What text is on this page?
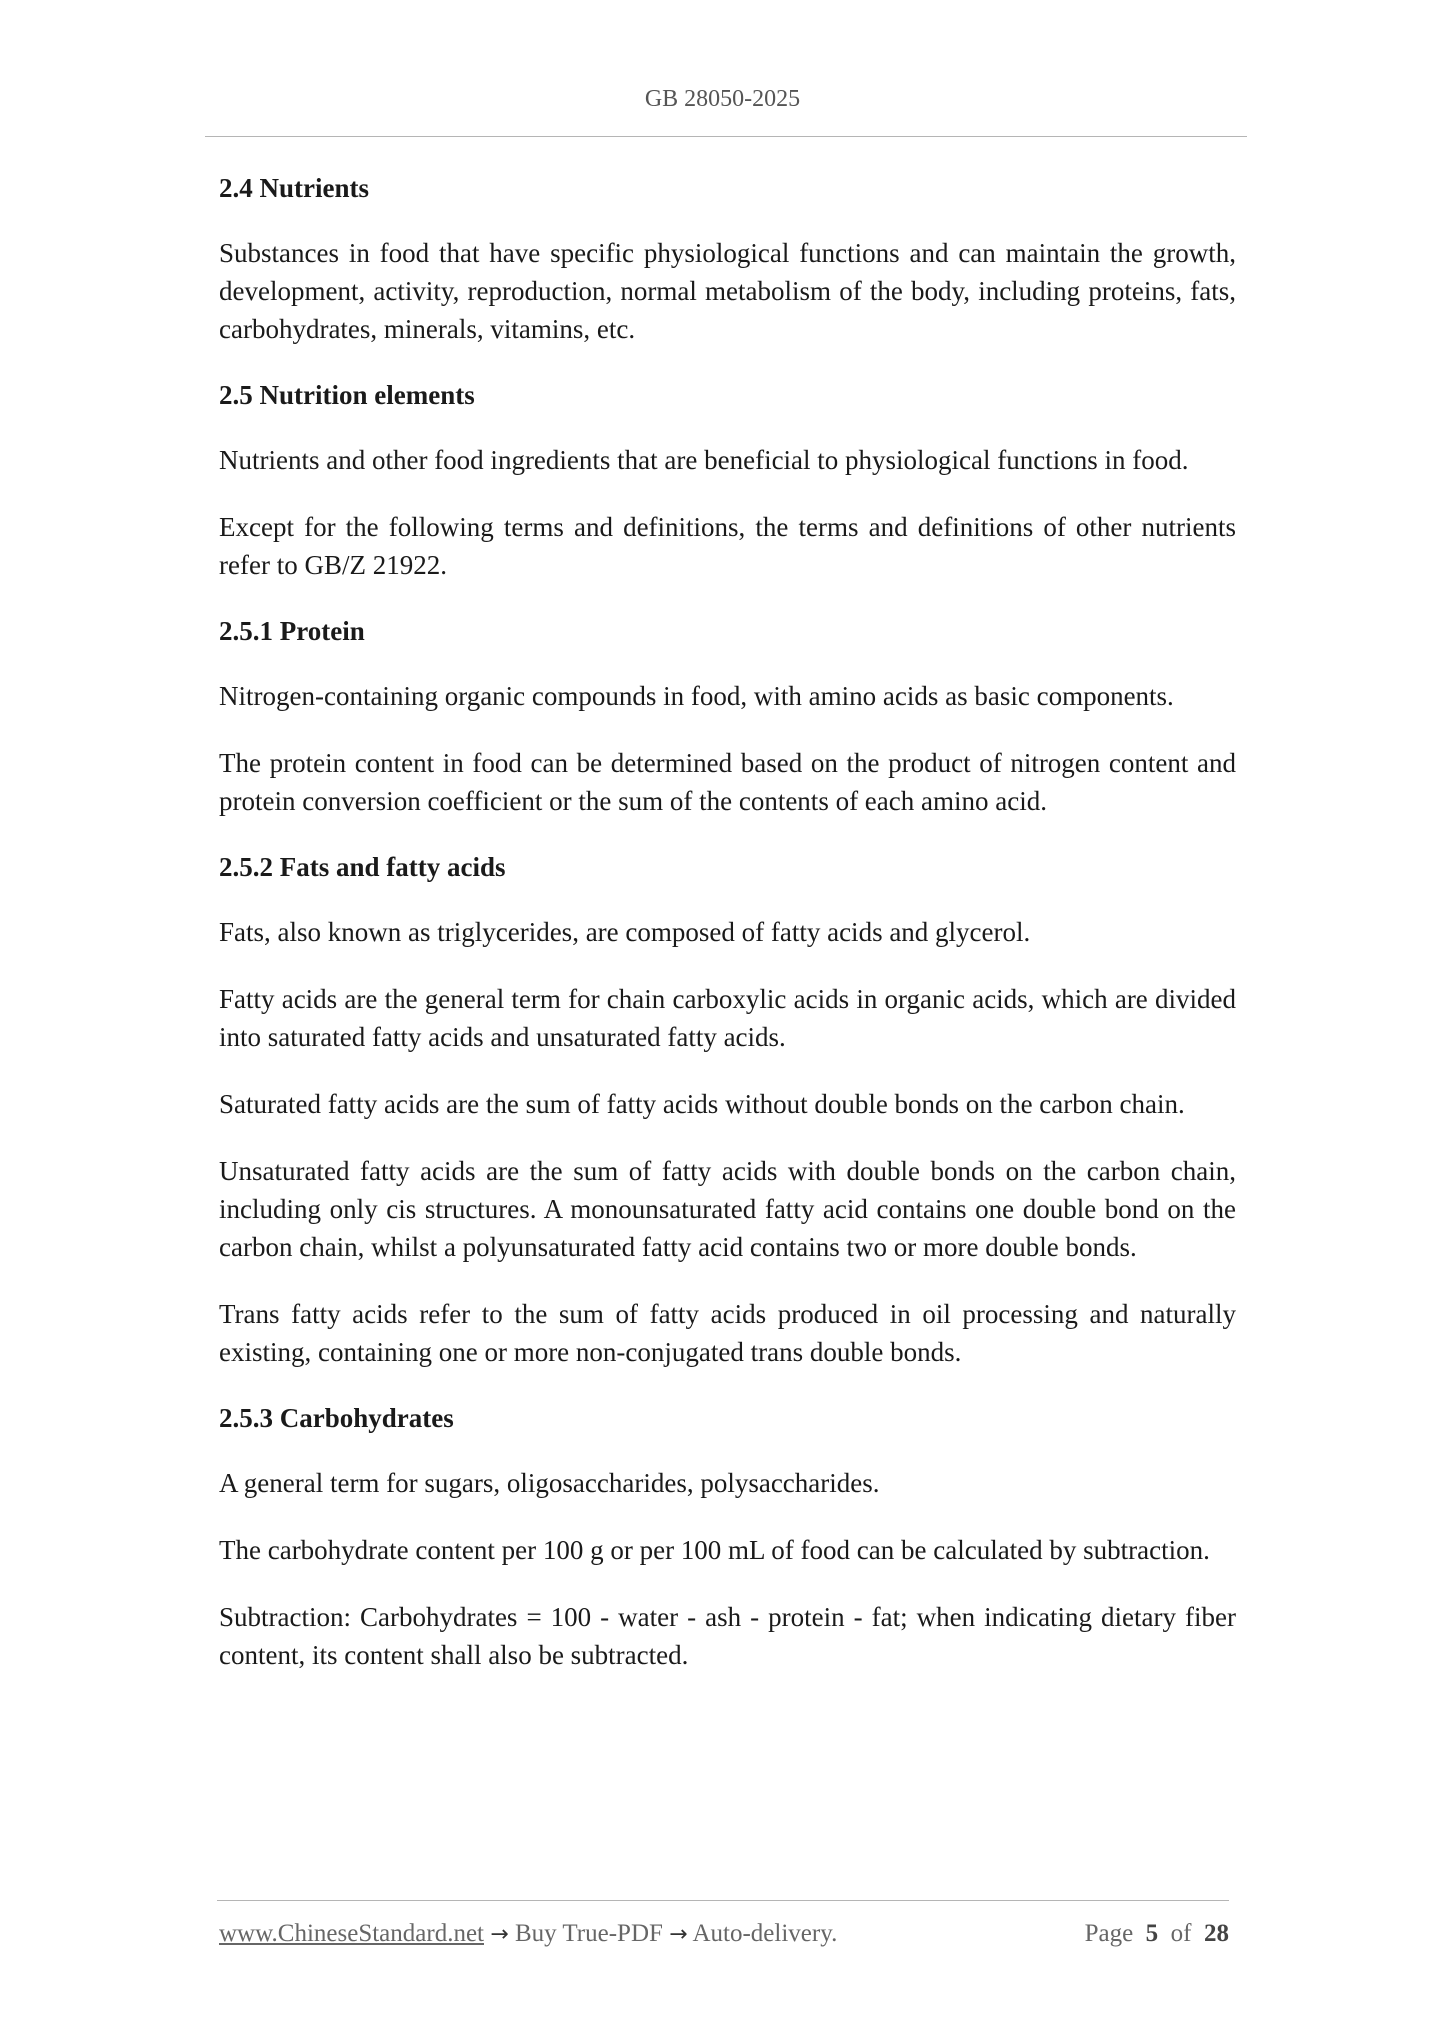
GB 28050-2025
2.4 Nutrients

Substances in food that have specific physiological functions and can maintain the growth, development, activity, reproduction, normal metabolism of the body, including proteins, fats, carbohydrates, minerals, vitamins, etc.

2.5 Nutrition elements

Nutrients and other food ingredients that are beneficial to physiological functions in food.

Except for the following terms and definitions, the terms and definitions of other nutrients refer to GB/Z 21922.

2.5.1 Protein

Nitrogen-containing organic compounds in food, with amino acids as basic components.

The protein content in food can be determined based on the product of nitrogen content and protein conversion coefficient or the sum of the contents of each amino acid.

2.5.2 Fats and fatty acids

Fats, also known as triglycerides, are composed of fatty acids and glycerol.

Fatty acids are the general term for chain carboxylic acids in organic acids, which are divided into saturated fatty acids and unsaturated fatty acids.

Saturated fatty acids are the sum of fatty acids without double bonds on the carbon chain.

Unsaturated fatty acids are the sum of fatty acids with double bonds on the carbon chain, including only cis structures. A monounsaturated fatty acid contains one double bond on the carbon chain, whilst a polyunsaturated fatty acid contains two or more double bonds.

Trans fatty acids refer to the sum of fatty acids produced in oil processing and naturally existing, containing one or more non-conjugated trans double bonds.

2.5.3 Carbohydrates

A general term for sugars, oligosaccharides, polysaccharides.

The carbohydrate content per 100 g or per 100 mL of food can be calculated by subtraction.

Subtraction: Carbohydrates = 100 - water - ash - protein - fat; when indicating dietary fiber content, its content shall also be subtracted.

www.ChineseStandard.net → Buy True-PDF → Auto-delivery.	Page 5 of 28
